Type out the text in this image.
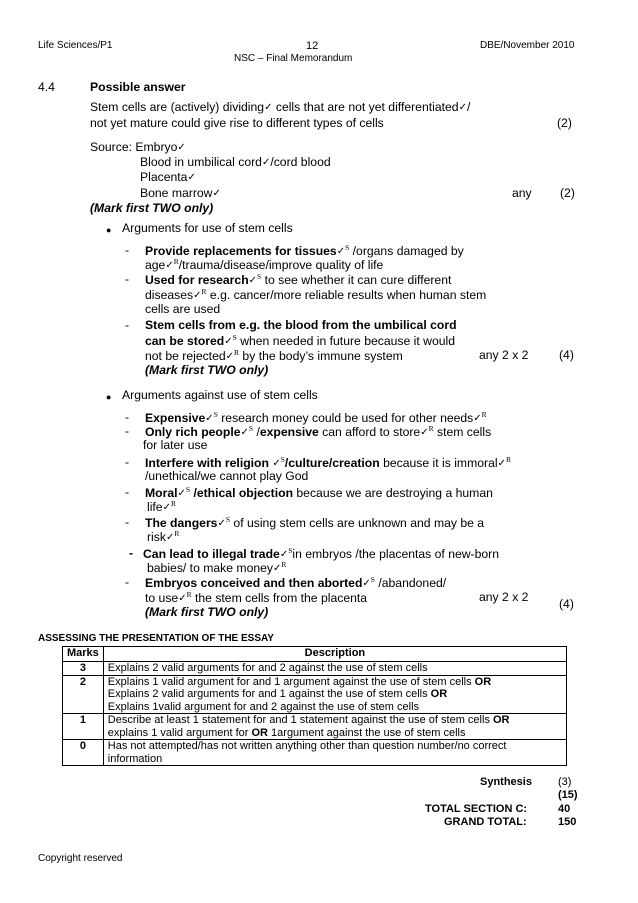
Life Sciences/P1	12	DBE/November 2010
NSC – Final Memorandum
4.4	Possible answer
Stem cells are (actively) dividing✓ cells that are not yet differentiated✓/
not yet mature could give rise to different types of cells	(2)
Source: Embryo✓
Blood in umbilical cord✓/cord blood
Placenta✓
Bone marrow✓	any (2)
(Mark first TWO only)
● Arguments for use of stem cells
- Provide replacements for tissues✓$^S$ /organs damaged by
age✓$^R$/trauma/disease/improve quality of life
- Used for research✓$^S$ to see whether it can cure different
diseases✓$^R$ e.g. cancer/more reliable results when human stem
cells are used
- Stem cells from e.g. the blood from the umbilical cord
can be stored✓$^S$ when needed in future because it would
not be rejected✓$^R$ by the body’s immune system	any 2 x 2	(4)
(Mark first TWO only)
● Arguments against use of stem cells
- Expensive✓$^S$ research money could be used for other needs✓$^R$
- Only rich people✓$^S$ /expensive can afford to store✓$^R$ stem cells
for later use
- Interfere with religion ✓$^S$/culture/creation because it is immoral✓$^R$
/unethical/we cannot play God
- Moral✓$^S$ /ethical objection because we are destroying a human
life✓$^R$
- The dangers✓$^S$ of using stem cells are unknown and may be a
risk✓$^R$
- Can lead to illegal trade✓$^S$in embryos /the placentas of new-born
babies/ to make money✓$^R$
- Embryos conceived and then aborted✓$^S$ /abandoned/
to use✓$^R$ the stem cells from the placenta	any 2 x 2
(Mark first TWO only)
(4)
ASSESSING THE PRESENTATION OF THE ESSAY
Marks	Description
3	Explains 2 valid arguments for and 2 against the use of stem cells
2	Explains 1 valid argument for and 1 argument against the use of stem cells OR
Explains 2 valid arguments for and 1 against the use of stem cells OR
Explains 1valid argument for and 2 against the use of stem cells

1	Describe at least 1 statement for and 1 statement against the use of stem cells OR
explains 1 valid argument for OR 1argument against the use of stem cells

0	Has not attempted/has not written anything other than question number/no correct
information
Synthesis (3)
(15)
TOTAL SECTION C:	40
GRAND TOTAL:	150
Copyright reserved
